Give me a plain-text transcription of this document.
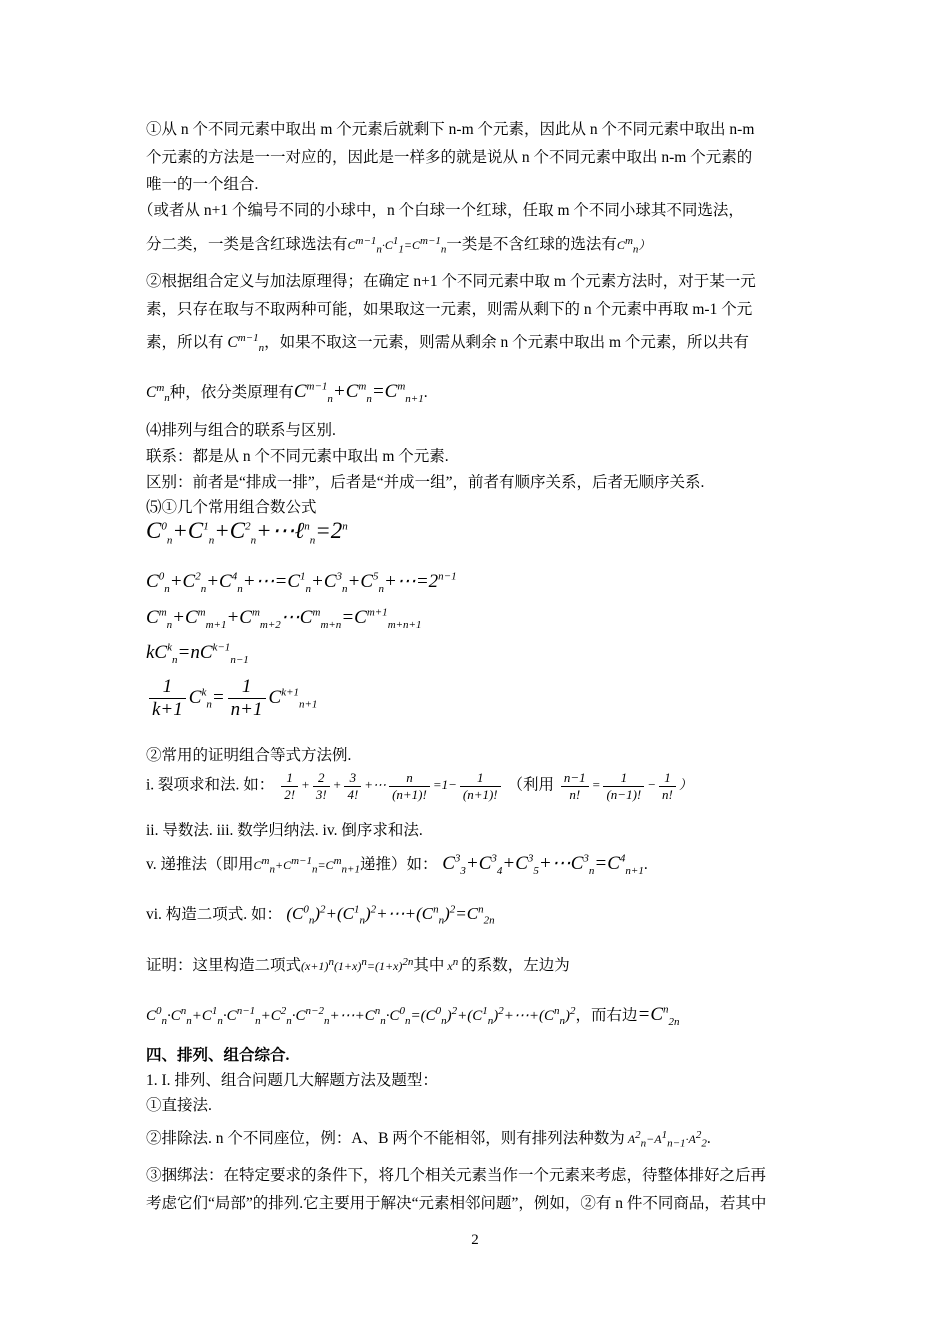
①从 n 个不同元素中取出 m 个元素后就剩下 n-m 个元素，因此从 n 个不同元素中取出 n-m
个元素的方法是一一对应的，因此是一样多的就是说从 n 个不同元素中取出 n-m 个元素的
唯一的一个组合.
（或者从 n+1 个编号不同的小球中，n 个白球一个红球，任取 m 个不同小球其不同选法，
分二类，一类是含红球选法有$C^{m-1}_n\cdot C^1_1=C^{m-1}_n$一类是不含红球的选法有$C^m_n$）
②根据组合定义与加法原理得；在确定 n+1 个不同元素中取 m 个元素方法时，对于某一元
素，只存在取与不取两种可能，如果取这一元素，则需从剩下的 n 个元素中再取 m-1 个元
素，所以有 $C^{m-1}_n$，如果不取这一元素，则需从剩余 n 个元素中取出 m 个元素，所以共有
$C^m_n$种，依分类原理有$C^{m-1}_n+C^m_n=C^m_{n+1}$.
⑷排列与组合的联系与区别.
联系：都是从 n 个不同元素中取出 m 个元素.
区别：前者是“排成一排”，后者是“并成一组”，前者有顺序关系，后者无顺序关系.
⑸①几个常用组合数公式
$C^0_n+C^1_n+C^2_n+\cdots\ell^n_n=2^n$
$C^0_n+C^2_n+C^4_n+\cdots=C^1_n+C^3_n+C^5_n+\cdots=2^{n-1}$
$C^m_n+C^m_{m+1}+C^m_{m+2}\cdots C^m_{m+n}=C^{m+1}_{m+n+1}$
$kC^k_n=nC^{k-1}_{n-1}$
$\frac{1}{k+1} C^k_n= \frac{1}{n+1} C^{k+1}_{n+1}$
②常用的证明组合等式方法例.
i. 裂项求和法. 如： $\frac{1}{2!} + \frac{2}{3!} + \frac{3}{4!}$ +⋯ $\frac{n}{(n+1)!} =1- \frac{1}{(n+1)!}$ （利用 $\frac{n-1}{n!} = \frac{1}{(n-1)!} - \frac{1}{n!}$ ）
ii. 导数法. iii. 数学归纳法. iv. 倒序求和法.
v. 递推法（即用$C^m_n+C^{m-1}_n=C^m_{n+1}$递推）如： $C^3_3+C^3_4+C^3_5+\cdots C^3_n=C^4_{n+1}$.
vi. 构造二项式. 如： $(C^0_n)^2+(C^1_n)^2+\cdots+(C^n_n)^2=C^n_{2n}$
证明：这里构造二项式$(x+1)^n(1+x)^n=(1+x)^{2n}$其中 $x^n$ 的系数，左边为
$C^0_n\cdot C^n_n+C^1_n\cdot C^{n-1}_n+C^2_n\cdot C^{n-2}_n+\cdots+C^n_n\cdot C^0_n=(C^0_n)^2+(C^1_n)^2+\cdots+(C^n_n)^2$，而右边$=C^n_{2n}$
四、排列、组合综合.
1. I. 排列、组合问题几大解题方法及题型：
①直接法.
②排除法. n 个不同座位，例：A、B 两个不能相邻，则有排列法种数为 $A^2_n-A^1_{n-1}\cdot A^2_2$.
③捆绑法：在特定要求的条件下，将几个相关元素当作一个元素来考虑，待整体排好之后再
考虑它们“局部”的排列.它主要用于解决“元素相邻问题”，例如，②有 n 件不同商品，若其中
2
